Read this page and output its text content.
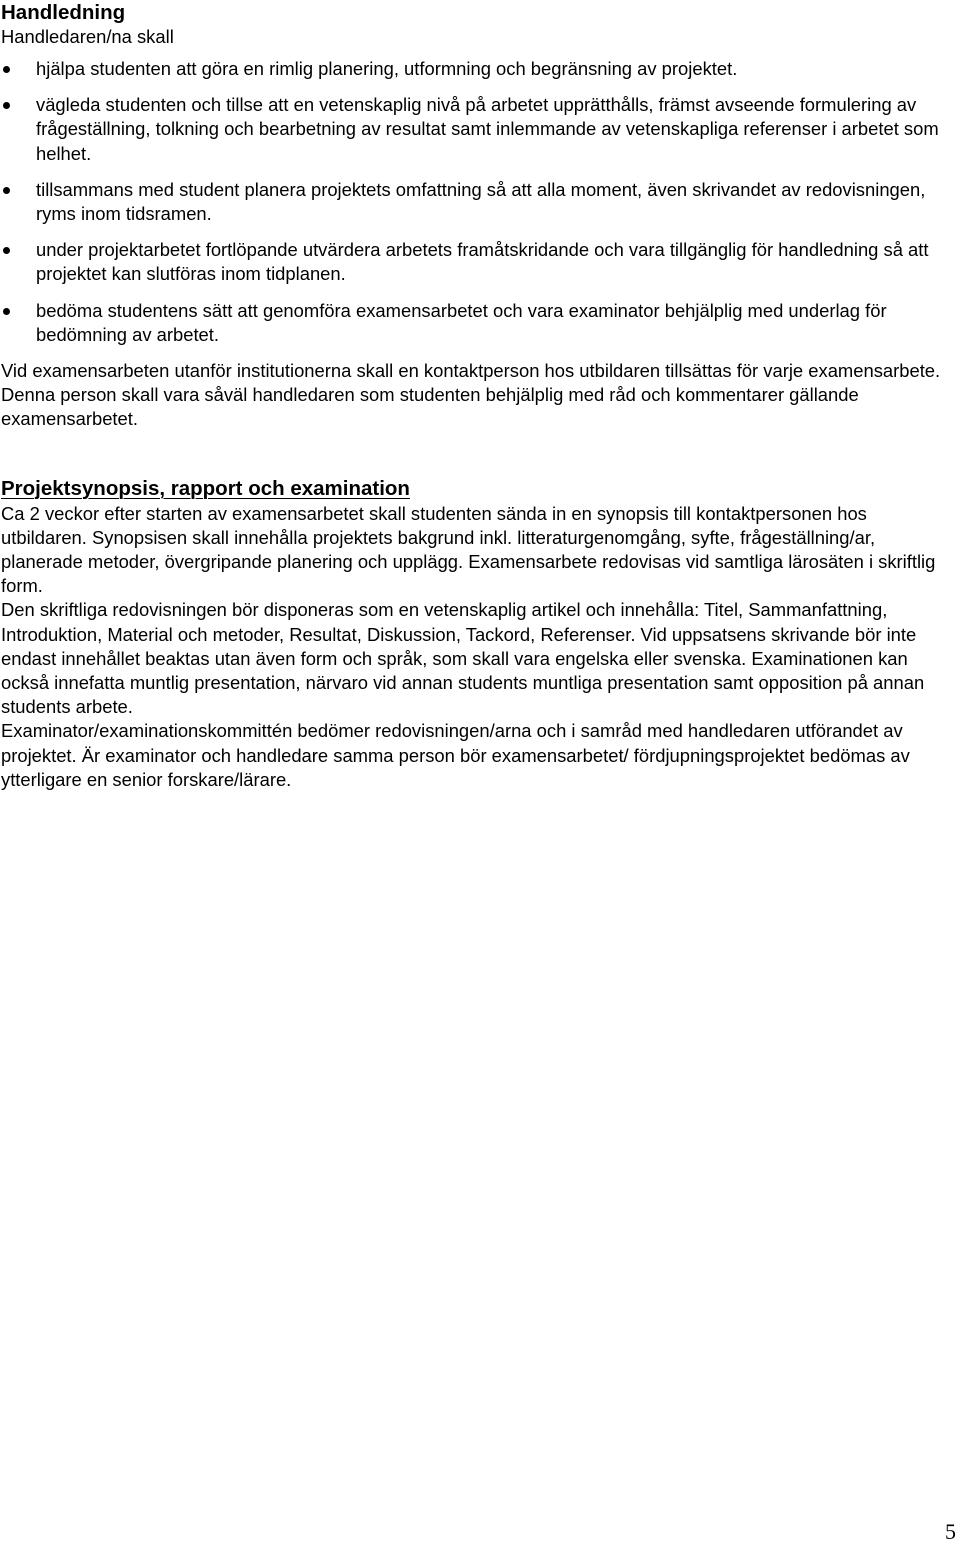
Handledning
Handledaren/na skall
hjälpa studenten att göra en rimlig planering, utformning och begränsning av projektet.
vägleda studenten och tillse att en vetenskaplig nivå på arbetet upprätthålls, främst avseende formulering av frågeställning, tolkning och bearbetning av resultat samt inlemmande av vetenskapliga referenser i arbetet som helhet.
tillsammans med student planera projektets omfattning så att alla moment, även skrivandet av redovisningen, ryms inom tidsramen.
under projektarbetet fortlöpande utvärdera arbetets framåtskridande och vara tillgänglig för handledning så att projektet kan slutföras inom tidplanen.
bedöma studentens sätt att genomföra examensarbetet och vara examinator behjälplig med underlag för bedömning av arbetet.

Vid examensarbeten utanför institutionerna skall en kontaktperson hos utbildaren tillsättas för varje examensarbete. Denna person skall vara såväl handledaren som studenten behjälplig med råd och kommentarer gällande examensarbetet.

Projektsynopsis, rapport och examination

Ca 2 veckor efter starten av examensarbetet skall studenten sända in en synopsis till kontaktpersonen hos utbildaren. Synopsisen skall innehålla projektets bakgrund inkl. litteraturgenomgång, syfte, frågeställning/ar, planerade metoder, övergripande planering och upplägg. Examensarbete redovisas vid samtliga lärosäten i skriftlig form.

Den skriftliga redovisningen bör disponeras som en vetenskaplig artikel och innehålla: Titel, Sammanfattning, Introduktion, Material och metoder, Resultat, Diskussion, Tackord, Referenser. Vid uppsatsens skrivande bör inte endast innehållet beaktas utan även form och språk, som skall vara engelska eller svenska. Examinationen kan också innefatta muntlig presentation, närvaro vid annan students muntliga presentation samt opposition på annan students arbete.

Examinator/examinationskommittén bedömer redovisningen/arna och i samråd med handledaren utförandet av projektet. Är examinator och handledare samma person bör examensarbetet/ fördjupningsprojektet bedömas av ytterligare en senior forskare/lärare.

5
